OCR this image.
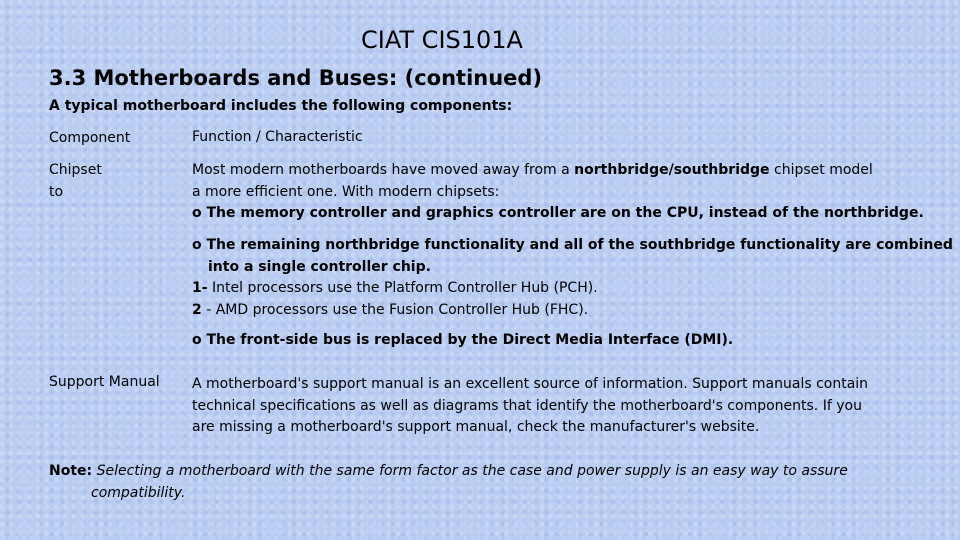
CIAT CIS101A
3.3 Motherboards and Buses: (continued)
A typical motherboard includes the following components:
Component	Function / Characteristic
Chipset
to
Most modern motherboards have moved away from a northbridge/southbridge chipset model
a more efficient one. With modern chipsets:
o The memory controller and graphics controller are on the CPU, instead of the northbridge.
o The remaining northbridge functionality and all of the southbridge functionality are combined
into a single controller chip.
1- Intel processors use the Platform Controller Hub (PCH).
2 - AMD processors use the Fusion Controller Hub (FHC).
o The front-side bus is replaced by the Direct Media Interface (DMI).
Support Manual A motherboard's support manual is an excellent source of information. Support manuals contain
technical specifications as well as diagrams that identify the motherboard's components. If you
are missing a motherboard's support manual, check the manufacturer's website.
Note: Selecting a motherboard with the same form factor as the case and power supply is an easy way to assure
compatibility.
